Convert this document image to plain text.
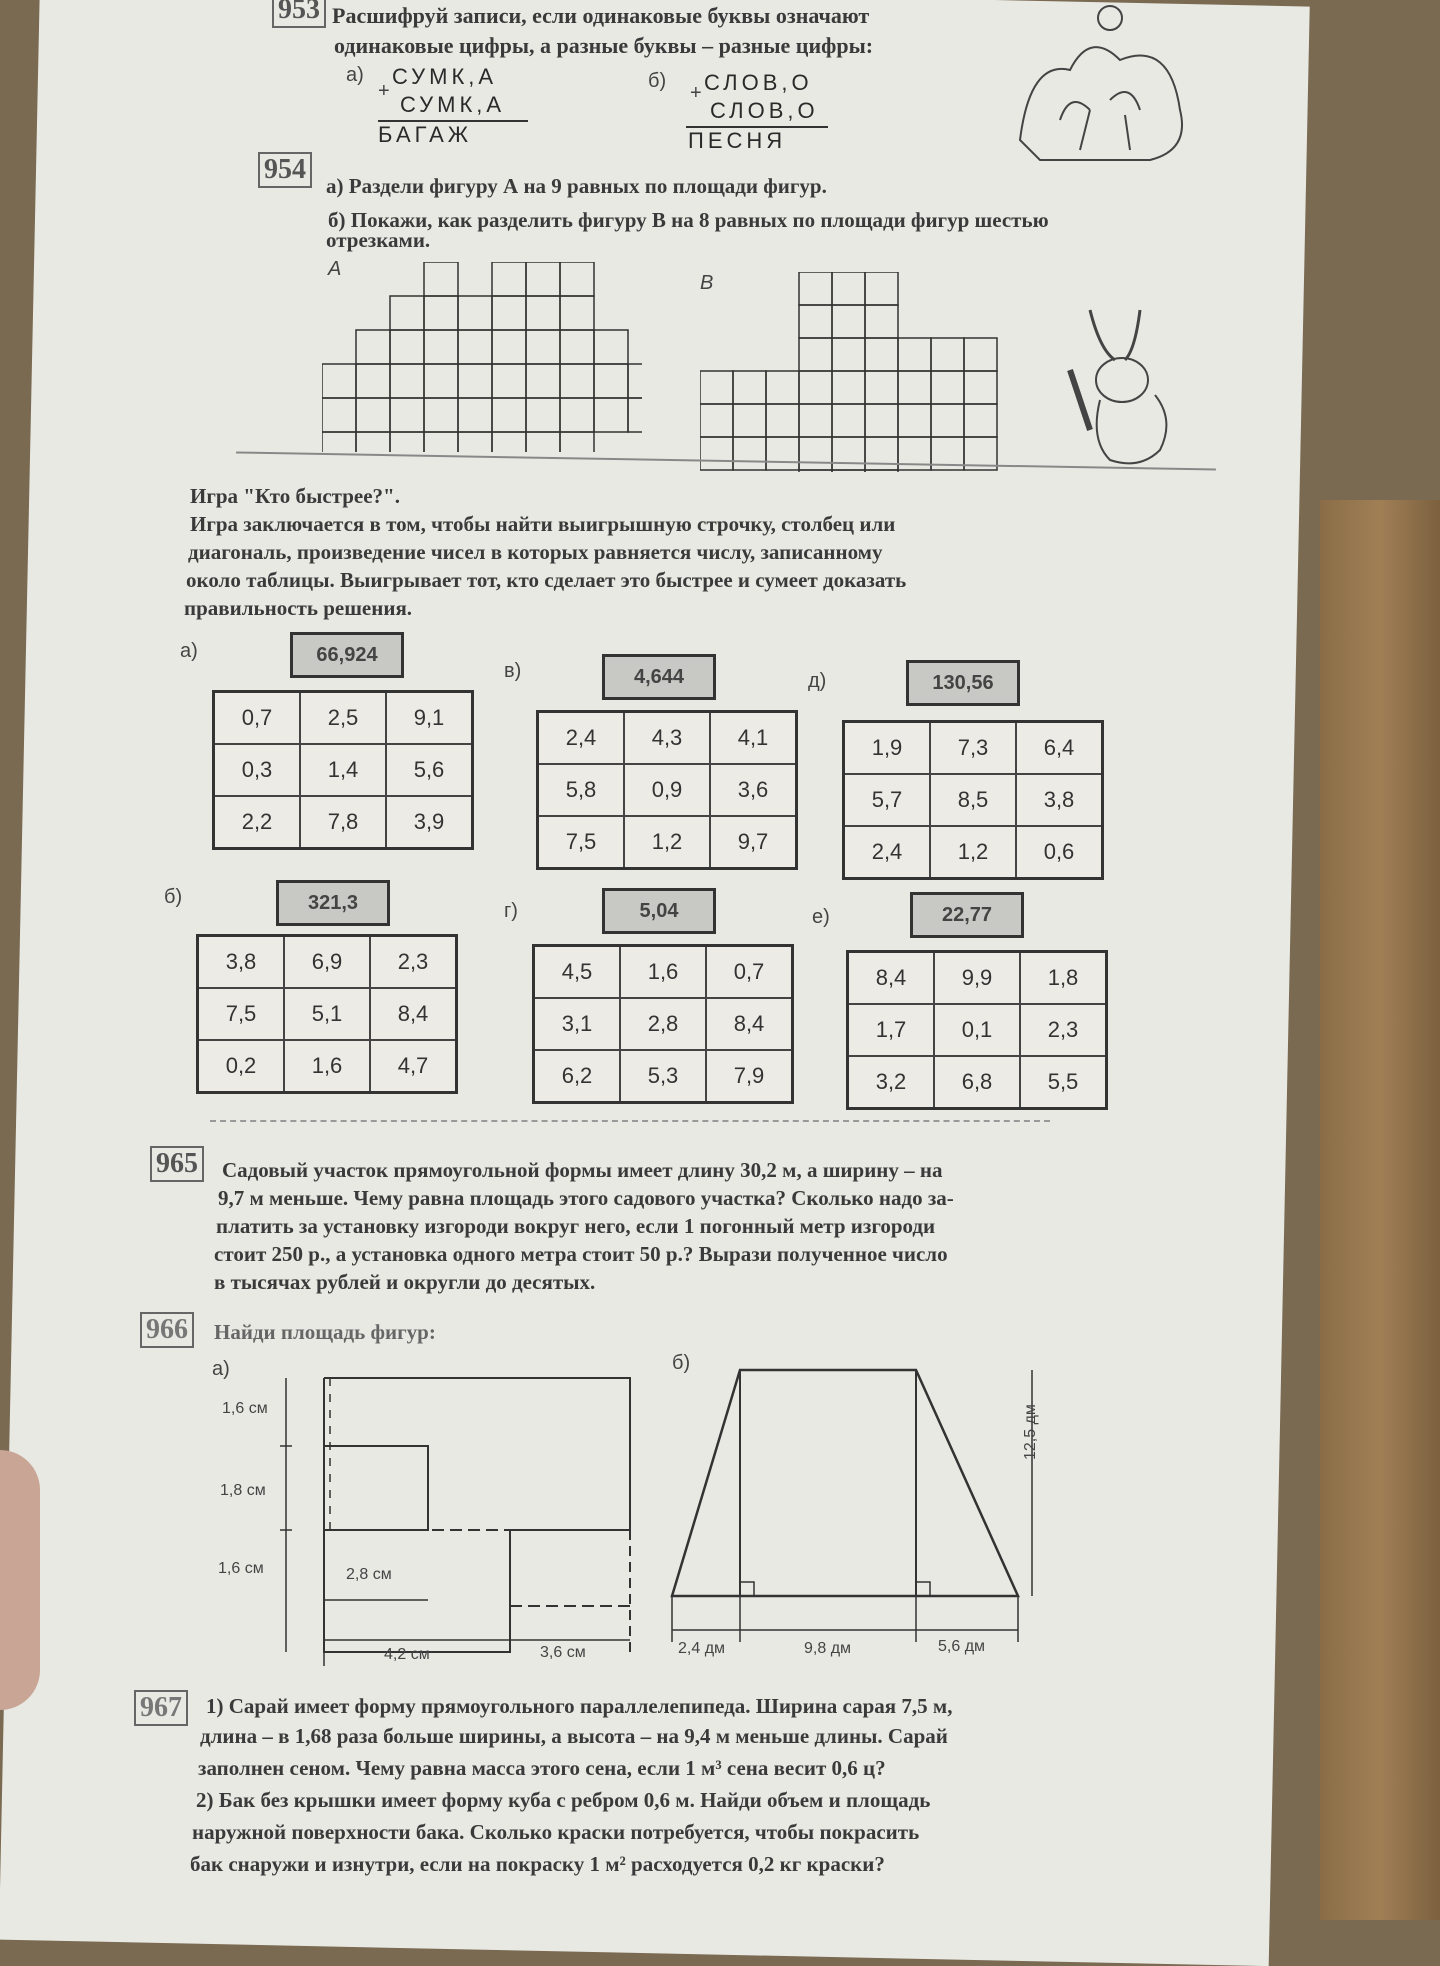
953 Расшифруй записи, если одинаковые буквы означают
одинаковые цифры, а разные буквы – разные цифры:
а)
+
СУМК,А
СУМК,А
БАГАЖ
б)
+ СЛОВ,О
СЛОВ,О
ПЕСНЯ
954
а) Раздели фигуру А на 9 равных по площади фигур.
б) Покажи, как разделить фигуру В на 8 равных по площади фигур шестью
отрезками.
А
В
Игра "Кто быстрее?".
Игра заключается в том, чтобы найти выигрышную строчку, столбец или
диагональ, произведение чисел в которых равняется числу, записанному
около таблицы. Выигрывает тот, кто сделает это быстрее и сумеет доказать
правильность решения.
а)	66,924
0,7	2,5	9,1
0,3	1,4	5,6
2,2	7,8	3,9
в)	4,644
2,4	4,3	4,1
5,8	0,9	3,6
7,5	1,2	9,7
д)	130,56
1,9	7,3	6,4
5,7	8,5	3,8
2,4	1,2	0,6
б)	321,3
3,8	6,9	2,3
7,5	5,1	8,4
0,2	1,6	4,7
г)	5,04
4,5	1,6	0,7
3,1	2,8	8,4
6,2	5,3	7,9
е)	22,77
8,4	9,9	1,8
1,7	0,1	2,3
3,2	6,8	5,5
965 Садовый участок прямоугольной формы имеет длину 30,2 м, а ширину – на
9,7 м меньше. Чему равна площадь этого садового участка? Сколько надо за-
платить за установку изгороди вокруг него, если 1 погонный метр изгороди
стоит 250 р., а установка одного метра стоит 50 р.? Вырази полученное число
в тысячах рублей и округли до десятых.
966 Найди площадь фигур:
а)	б)
1,6 см
1,8 см
1,6 см	2,8 см
4,2 см	3,6 см
12,5 дм
2,4 дм	9,8 дм	5,6 дм
967 1) Сарай имеет форму прямоугольного параллелепипеда. Ширина сарая 7,5 м,
длина – в 1,68 раза больше ширины, а высота – на 9,4 м меньше длины. Сарай
заполнен сеном. Чему равна масса этого сена, если 1 м³ сена весит 0,6 ц?
2) Бак без крышки имеет форму куба с ребром 0,6 м. Найди объем и площадь
наружной поверхности бака. Сколько краски потребуется, чтобы покрасить
бак снаружи и изнутри, если на покраску 1 м² расходуется 0,2 кг краски?
